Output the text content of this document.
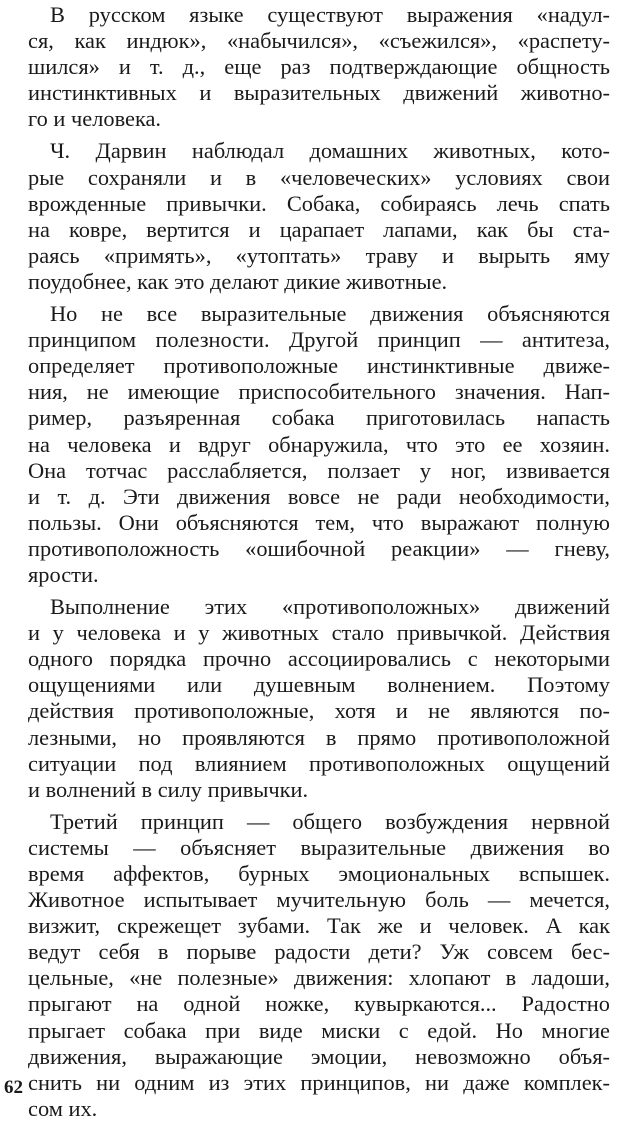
В русском языке существуют выражения «надул-
ся, как индюк», «набычился», «съежился», «распету-
шился» и т. д., еще раз подтверждающие общность
инстинктивных и выразительных движений животно-
го и человека.
Ч. Дарвин наблюдал домашних животных, кото-
рые сохраняли и в «человеческих» условиях свои
врожденные привычки. Собака, собираясь лечь спать
на ковре, вертится и царапает лапами, как бы ста-
раясь «примять», «утоптать» траву и вырыть яму
поудобнее, как это делают дикие животные.
Но не все выразительные движения объясняются
принципом полезности. Другой принцип — антитеза,
определяет противоположные инстинктивные движе-
ния, не имеющие приспособительного значения. Нап-
ример, разъяренная собака приготовилась напасть
на человека и вдруг обнаружила, что это ее хозяин.
Она тотчас расслабляется, ползает у ног, извивается
и т. д. Эти движения вовсе не ради необходимости,
пользы. Они объясняются тем, что выражают полную
противоположность «ошибочной реакции» — гневу,
ярости.
Выполнение этих «противоположных» движений
и у человека и у животных стало привычкой. Действия
одного порядка прочно ассоциировались с некоторыми
ощущениями или душевным волнением. Поэтому
действия противоположные, хотя и не являются по-
лезными, но проявляются в прямо противоположной
ситуации под влиянием противоположных ощущений
и волнений в силу привычки.
Третий принцип — общего возбуждения нервной
системы — объясняет выразительные движения во
время аффектов, бурных эмоциональных вспышек.
Животное испытывает мучительную боль — мечется,
визжит, скрежещет зубами. Так же и человек. А как
ведут себя в порыве радости дети? Уж совсем бес-
цельные, «не полезные» движения: хлопают в ладоши,
прыгают на одной ножке, кувыркаются... Радостно
прыгает собака при виде миски с едой. Но многие
движения, выражающие эмоции, невозможно объя-
снить ни одним из этих принципов, ни даже комплек-
сом их.
62
